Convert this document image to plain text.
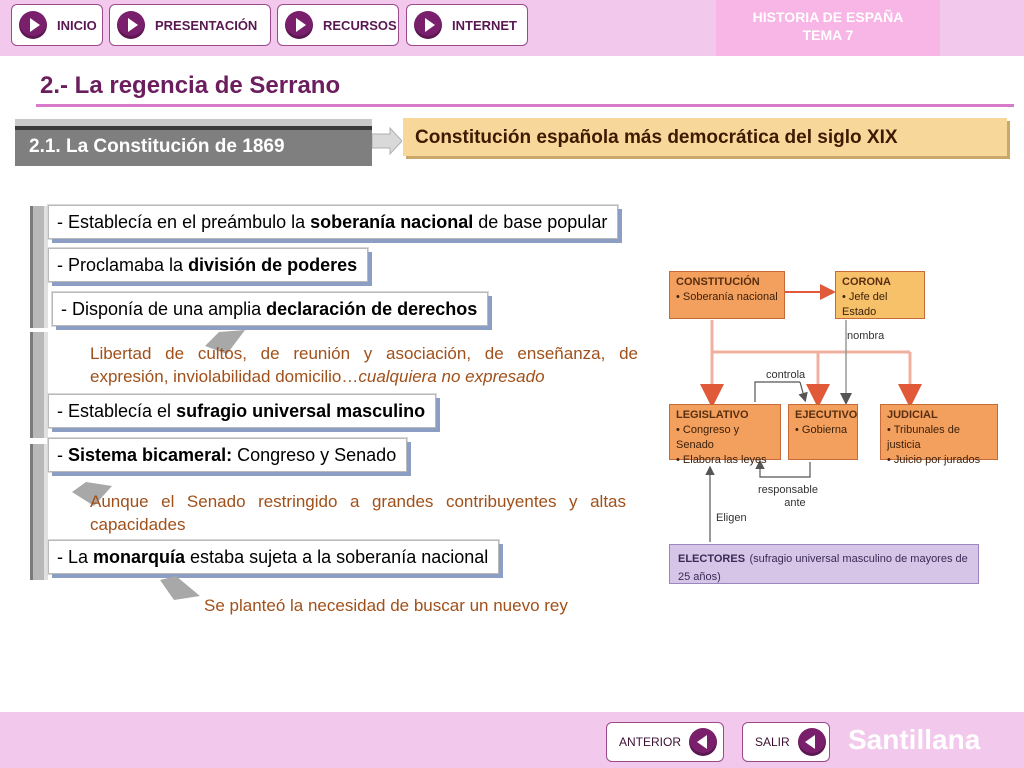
INICIO	PRESENTACIÓN	RECURSOS	INTERNET	HISTORIA DE ESPAÑA
TEMA 7
2.- La regencia de Serrano
2.1. La Constitución de 1869	Constitución española más democrática del siglo XIX
- Establecía en el preámbulo la soberanía nacional de base popular
- Proclamaba la división de poderes
- Disponía de una amplia declaración de derechos
Libertad de cultos, de reunión y asociación, de enseñanza, de expresión, inviolabilidad domicilio…cualquiera no expresado
- Establecía el sufragio universal masculino
- Sistema bicameral: Congreso y Senado
Aunque el Senado restringido a grandes contribuyentes y altas capacidades
- La monarquía estaba sujeta a la soberanía nacional
Se planteó la necesidad de buscar un nuevo rey
CONSTITUCIÓN
• Soberanía nacional
CORONA
• Jefe del Estado
nombra
controla
LEGISLATIVO
• Congreso y Senado
• Elabora las leyes
EJECUTIVO
• Gobierna
JUDICIAL
• Tribunales de justicia
• Juicio por jurados
responsable
ante
Eligen
ELECTORES (sufragio universal masculino de mayores de 25 años)
ANTERIOR	SALIR Santillana
